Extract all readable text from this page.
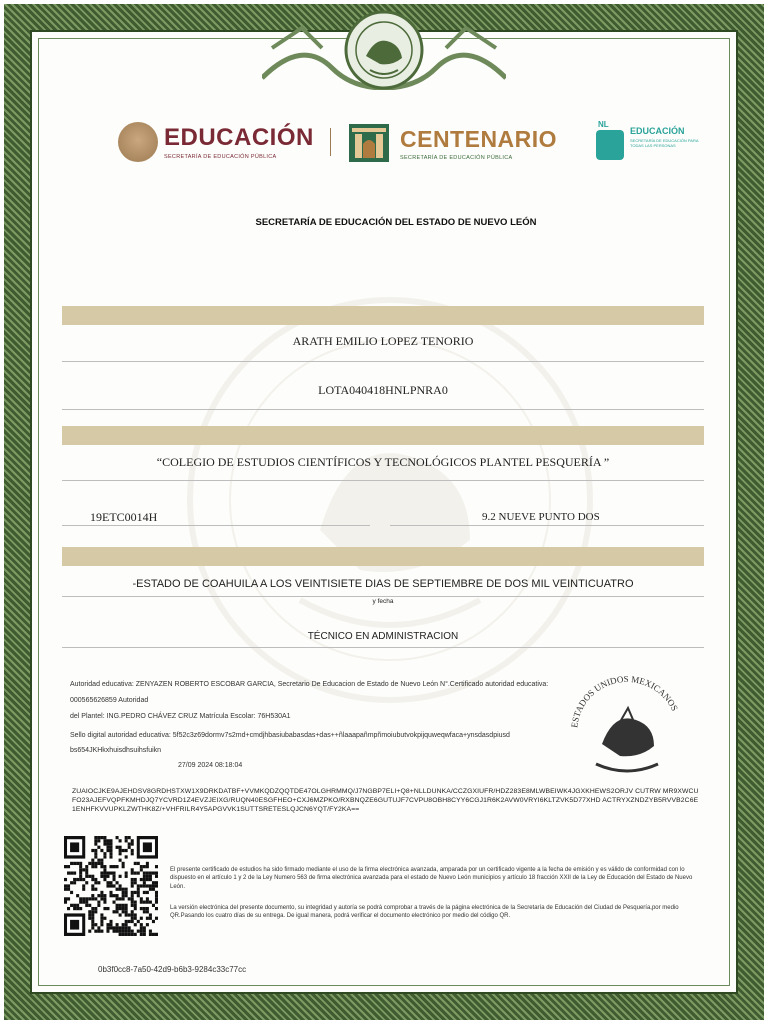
EDUCACIÓN
SECRETARÍA DE EDUCACIÓN PÚBLICA
CENTENARIO
SECRETARÍA DE EDUCACIÓN PÚBLICA
NL
EDUCACIÓN
SECRETARÍA DE EDUCACIÓN PARA TODAS LAS PERSONAS
SECRETARÍA DE EDUCACIÓN DEL ESTADO DE NUEVO LEÓN
ARATH EMILIO LOPEZ TENORIO
LOTA040418HNLPNRA0
“COLEGIO DE ESTUDIOS CIENTÍFICOS Y TECNOLÓGICOS PLANTEL PESQUERÍA ”
19ETC0014H	9.2 NUEVE PUNTO DOS
-ESTADO DE COAHUILA A LOS VEINTISIETE DIAS DE SEPTIEMBRE DE DOS MIL VEINTICUATRO
y fecha
TÉCNICO EN ADMINISTRACION
Autoridad educativa: ZENYAZEN ROBERTO ESCOBAR GARCIA, Secretario De Educacion de Estado de Nuevo León N°.Certificado autoridad educativa:
000565626859 Autoridad
del Plantel: ING.PEDRO CHÁVEZ CRUZ Matrícula Escolar: 76H530A1
Sello digital autoridad educativa: 5f52c3z69dormv7s2md+cmdjhbasiubabasdas+das++ñlaaapañmpñmoiubutvokpijquweqwfaca+ynsdasdpiusd
bs654JKHkxhuisdhsuihsfuikn
27/09 2024 08:18:04
ESTADOS UNIDOS MEXICANOS
ZUAIOCJKE9AJEHDSV8GRDHSTXW1X9DRKDATBF+VVMKQDZQQTDE47OLGHRMMQ/J7NGBP7ELI+Q8+NLLDUNKA/CCZGXIUFR/HDZ283E8MLWBEIWK4JGXKHEWS2ORJV CUTRW MR9XWCUFO23AJEFVQPFKMHDJQ7YCVRD1Z4EVZJEIXG/RUQN40ESGFHEO+CXJ6MZPKO/RXBNQZE6GUTUJF7CVPU8OBH8CYY6CGJ1R6K2AVW0VRYI6KLTZVK5D77XHD ACTRYXZNDZYB5RVVB2C6E1ENHFKVVUPKLZWTHK8Z/+VHFRILR4Y5APGVVK1SUTTSRETESLQJCN6YQT/FY2KA==
El presente certificado de estudios ha sido firmado mediante el uso de la firma electrónica avanzada, amparada por un certificado vigente a la fecha de emisión y es válido de conformidad con lo dispuesto en el artículo 1 y 2 de la Ley Numero 563 de firma electrónica avanzada para el estado de Nuevo León municipios y artículo 18 fracción XXII de la Ley de Educación del Estado de Nuevo León.
La versión electrónica del presente documento, su integridad y autoría se podrá comprobar a través de la página electrónica de la Secretaría de Educación del Ciudad de Pesquería,por medio QR.Pasando los cuatro días de su entrega. De igual manera, podrá verificar el documento electrónico por medio del código QR.
0b3f0cc8-7a50-42d9-b6b3-9284c33c77cc
